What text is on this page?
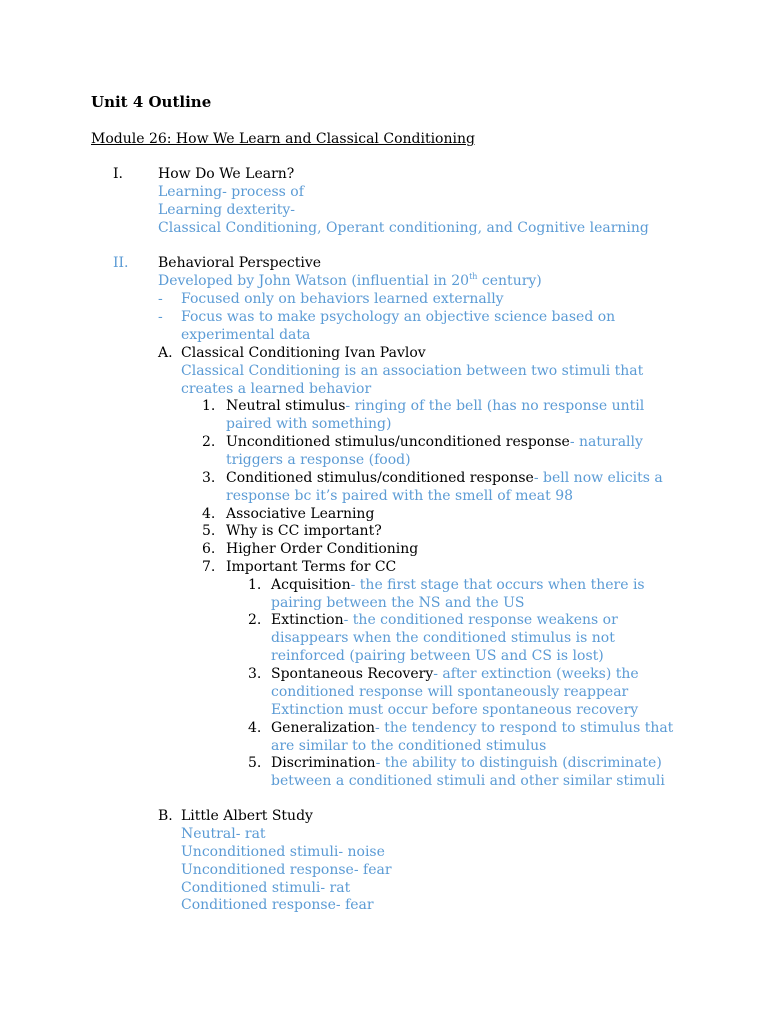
Unit 4 Outline
Module 26: How We Learn and Classical Conditioning
I.	How Do We Learn?
Learning- process of
Learning dexterity-
Classical Conditioning, Operant conditioning, and Cognitive learning
II. Behavioral Perspective
Developed by John Watson (influential in 20th century)
- Focused only on behaviors learned externally
- Focus was to make psychology an objective science based on
experimental data
A. Classical Conditioning Ivan Pavlov
Classical Conditioning is an association between two stimuli that
creates a learned behavior
1. Neutral stimulus- ringing of the bell (has no response until
paired with something)
2. Unconditioned stimulus/unconditioned response- naturally
triggers a response (food)
3. Conditioned stimulus/conditioned response- bell now elicits a
response bc it’s paired with the smell of meat 98
4. Associative Learning
5. Why is CC important?
6. Higher Order Conditioning
7. Important Terms for CC
1. Acquisition- the first stage that occurs when there is
pairing between the NS and the US
2. Extinction- the conditioned response weakens or
disappears when the conditioned stimulus is not
reinforced (pairing between US and CS is lost)
3. Spontaneous Recovery- after extinction (weeks) the
conditioned response will spontaneously reappear
Extinction must occur before spontaneous recovery
4. Generalization- the tendency to respond to stimulus that
are similar to the conditioned stimulus
5. Discrimination- the ability to distinguish (discriminate)
between a conditioned stimuli and other similar stimuli
B. Little Albert Study
Neutral- rat
Unconditioned stimuli- noise
Unconditioned response- fear
Conditioned stimuli- rat
Conditioned response- fear
